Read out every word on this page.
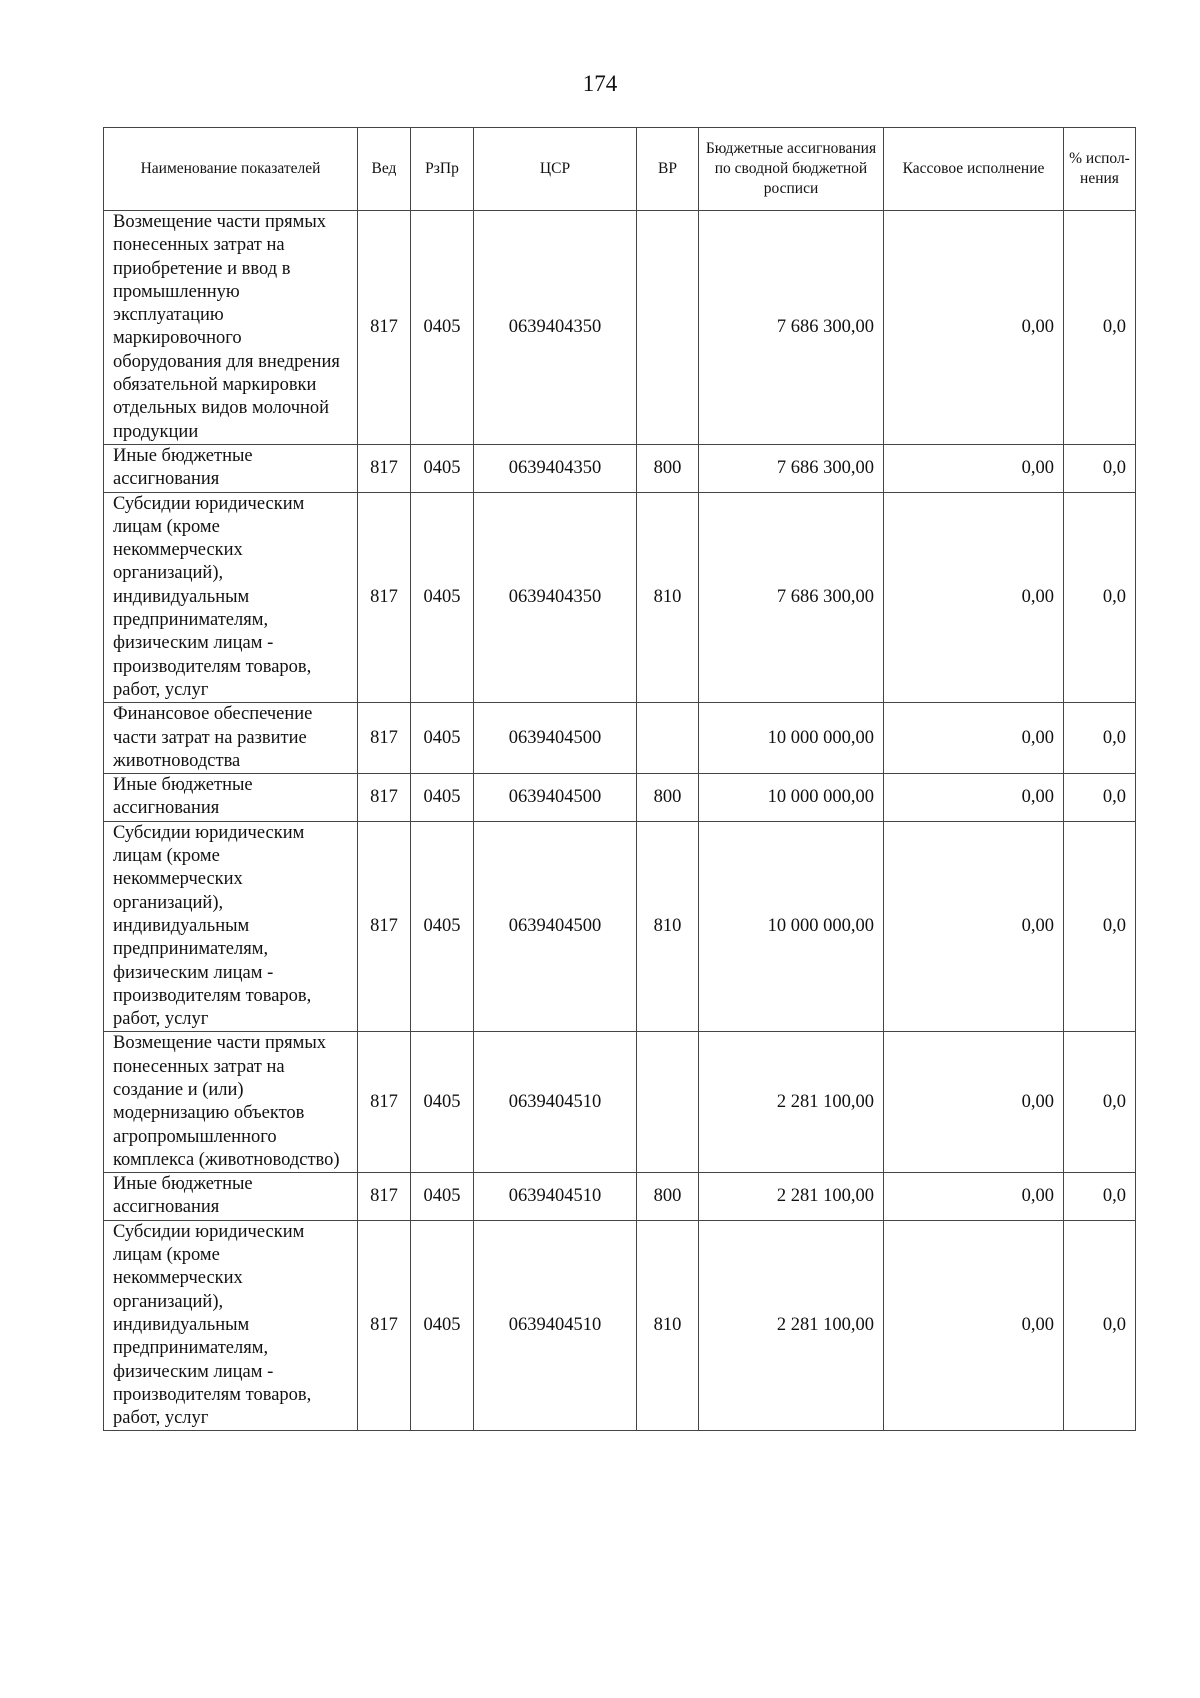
174
Наименование показателей	Вед	РзПр	ЦСР	ВР	Бюджетные ассигнования по сводной бюджетной росписи	Кассовое исполнение	% испол-нения
Возмещение части прямых понесенных затрат на приобретение и ввод в промышленную эксплуатацию маркировочного оборудования для внедрения обязательной маркировки отдельных видов молочной продукции	817	0405	0639404350		7 686 300,00	0,00	0,0
Иные бюджетные ассигнования	817	0405	0639404350	800	7 686 300,00	0,00	0,0
Субсидии юридическим лицам (кроме некоммерческих организаций), индивидуальным предпринимателям, физическим лицам - производителям товаров, работ, услуг	817	0405	0639404350	810	7 686 300,00	0,00	0,0
Финансовое обеспечение части затрат на развитие животноводства	817	0405	0639404500		10 000 000,00	0,00	0,0
Иные бюджетные ассигнования	817	0405	0639404500	800	10 000 000,00	0,00	0,0
Субсидии юридическим лицам (кроме некоммерческих организаций), индивидуальным предпринимателям, физическим лицам - производителям товаров, работ, услуг	817	0405	0639404500	810	10 000 000,00	0,00	0,0
Возмещение части прямых понесенных затрат на создание и (или) модернизацию объектов агропромышленного комплекса (животноводство)	817	0405	0639404510		2 281 100,00	0,00	0,0
Иные бюджетные ассигнования	817	0405	0639404510	800	2 281 100,00	0,00	0,0
Субсидии юридическим лицам (кроме некоммерческих организаций), индивидуальным предпринимателям, физическим лицам - производителям товаров, работ, услуг	817	0405	0639404510	810	2 281 100,00	0,00	0,0
